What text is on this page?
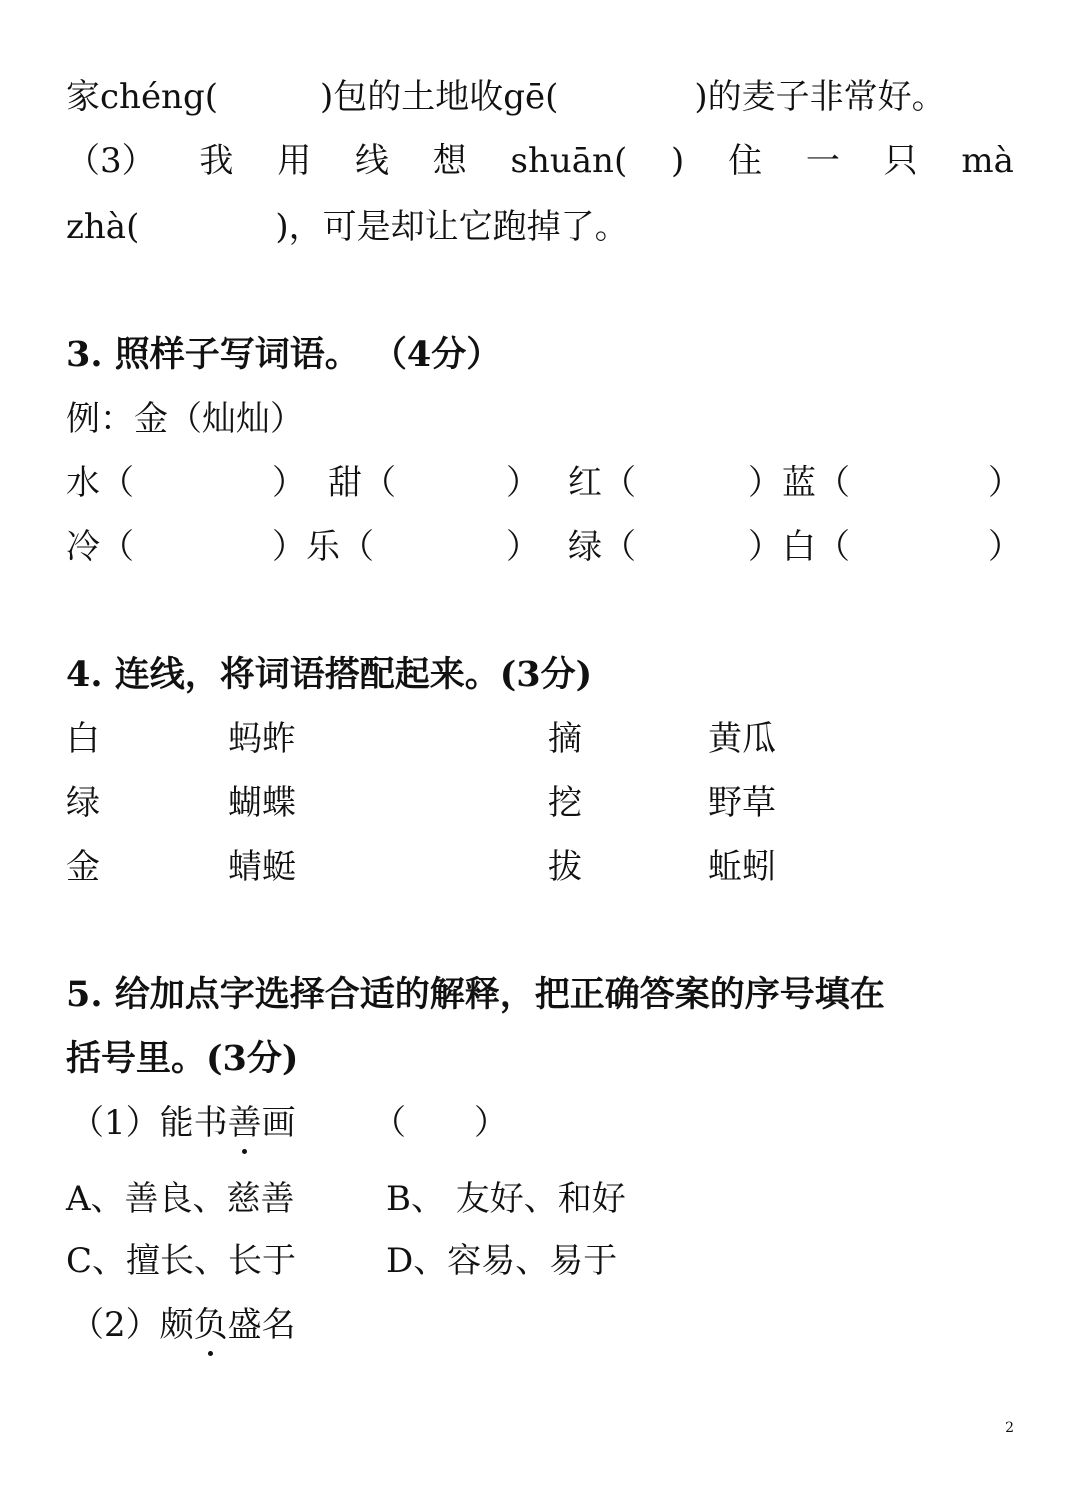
家chéng(　　　)包的土地收gē(　　　　)的麦子非常好。
（3） 我 用 线 想 shuān( ) 住 一 只 mà
zhà(　　　　)，可是却让它跑掉了。
3. 照样子写词语。 （4分）
例：金（灿灿）
水（	） 甜（	） 红（	）蓝（	）
冷（	）乐（	） 绿（	）白（	）
4. 连线，将词语搭配起来。(3分)
白	蚂蚱	摘	黄瓜
绿	蝴蝶	挖	野草
金	蜻蜓	拔	蚯蚓
5. 给加点字选择合适的解释，把正确答案的序号填在
括号里。(3分)
（1）能书善画 （　　）
A、善良、慈善	B、 友好、和好
C、擅长、长于	D、容易、易于
（2）颇负盛名
2
